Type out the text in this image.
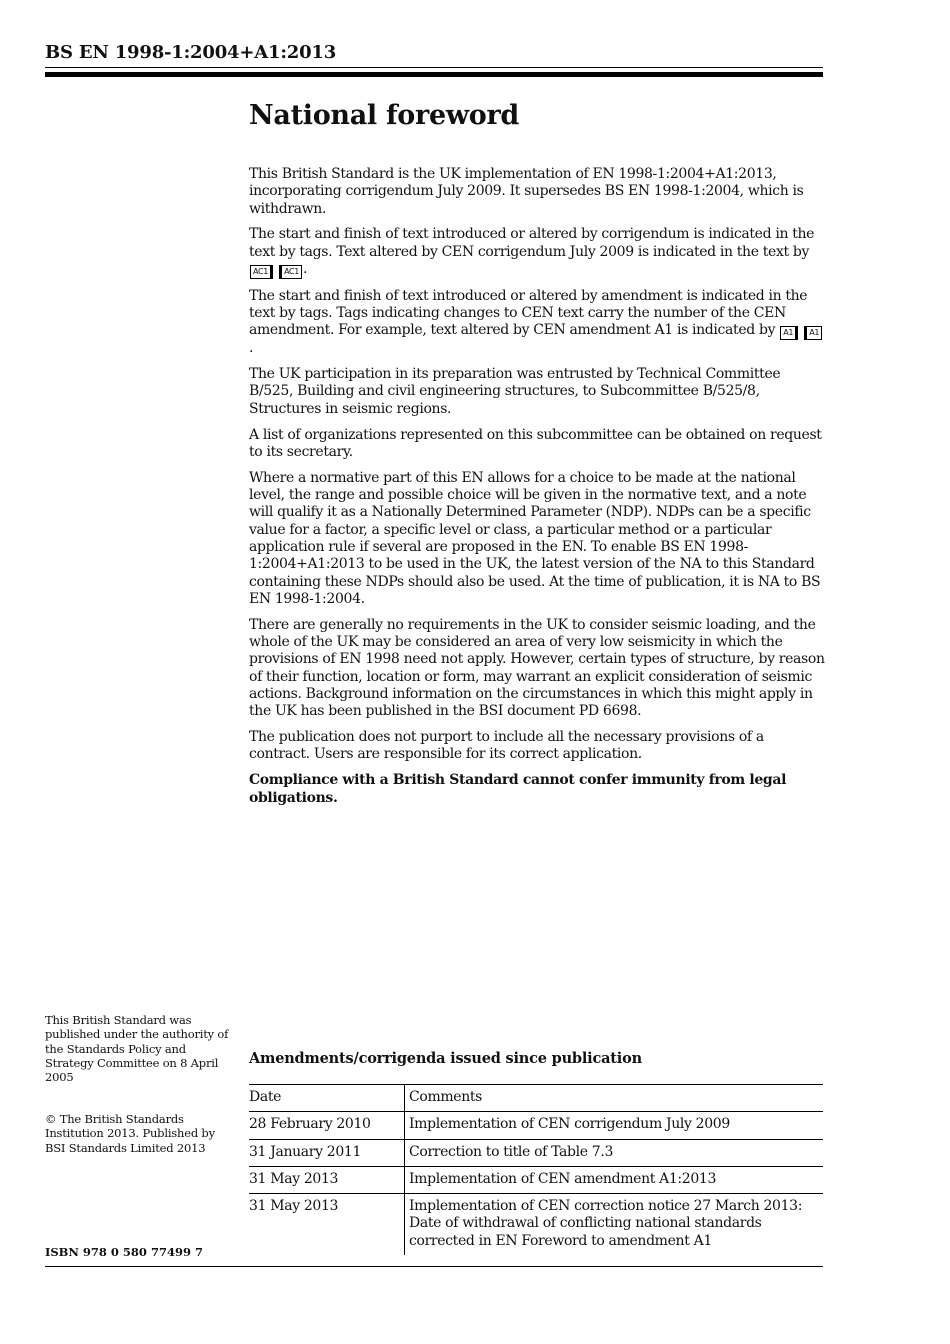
BS EN 1998-1:2004+A1:2013
National foreword

This British Standard is the UK implementation of EN 1998-1:2004+A1:2013, incorporating corrigendum July 2009. It supersedes BS EN 1998-1:2004, which is withdrawn.

The start and finish of text introduced or altered by corrigendum is indicated in the text by tags. Text altered by CEN corrigendum July 2009 is indicated in the text by AC1 AC1 .

The start and finish of text introduced or altered by amendment is indicated in the text by tags. Tags indicating changes to CEN text carry the number of the CEN amendment. For example, text altered by CEN amendment A1 is indicated by A1 A1.

The UK participation in its preparation was entrusted by Technical Committee B/525, Building and civil engineering structures, to Subcommittee B/525/8, Structures in seismic regions.

A list of organizations represented on this subcommittee can be obtained on request to its secretary.

Where a normative part of this EN allows for a choice to be made at the national level, the range and possible choice will be given in the normative text, and a note will qualify it as a Nationally Determined Parameter (NDP). NDPs can be a specific value for a factor, a specific level or class, a particular method or a particular application rule if several are proposed in the EN. To enable BS EN 1998-1:2004+A1:2013 to be used in the UK, the latest version of the NA to this Standard containing these NDPs should also be used. At the time of publication, it is NA to BS EN 1998-1:2004.

There are generally no requirements in the UK to consider seismic loading, and the whole of the UK may be considered an area of very low seismicity in which the provisions of EN 1998 need not apply. However, certain types of structure, by reason of their function, location or form, may warrant an explicit consideration of seismic actions. Background information on the circumstances in which this might apply in the UK has been published in the BSI document PD 6698.

The publication does not purport to include all the necessary provisions of a contract. Users are responsible for its correct application.

Compliance with a British Standard cannot confer immunity from legal obligations.

This British Standard was published under the authority of the Standards Policy and Strategy Committee on 8 April 2005
© The British Standards Institution 2013. Published by BSI Standards Limited 2013
ISBN 978 0 580 77499 7
Amendments/corrigenda issued since publication
Date	Comments
28 February 2010	Implementation of CEN corrigendum July 2009
31 January 2011	Correction to title of Table 7.3
31 May 2013	Implementation of CEN amendment A1:2013
31 May 2013	Implementation of CEN correction notice 27 March 2013: Date of withdrawal of conflicting national standards corrected in EN Foreword to amendment A1
